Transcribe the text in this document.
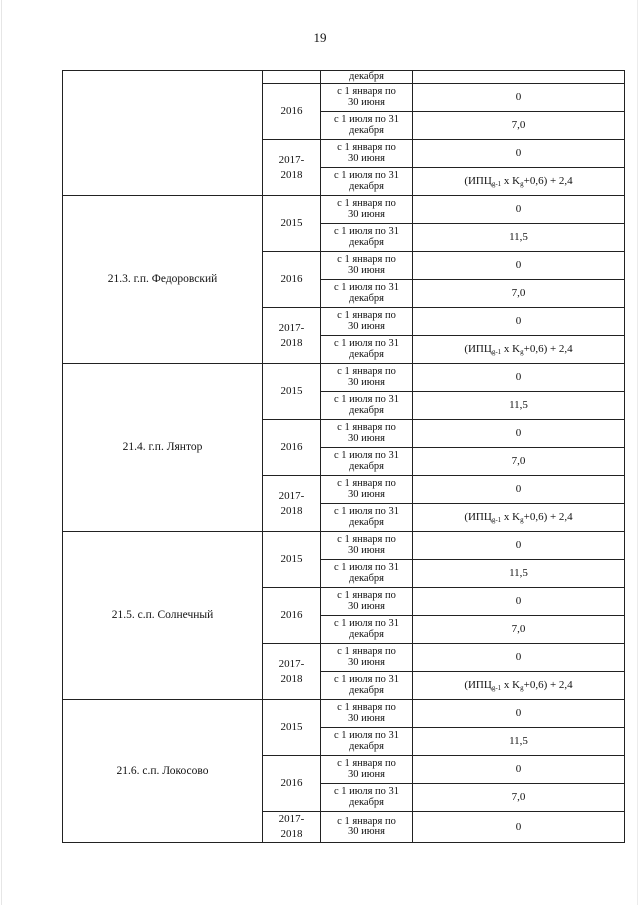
19
		декабря	
	2016	с 1 января по
30 июня	0
		с 1 июля по 31
декабря	7,0
	2017-
2018	с 1 января по
30 июня	0
		с 1 июля по 31
декабря	($ИПЦ_{g-1}$ x $K_g+0,6) + 2,4$
21.3. г.п. Федоровский	2015	с 1 января по
30 июня	0
		с 1 июля по 31
декабря	11,5
	2016	с 1 января по
30 июня	0
		с 1 июля по 31
декабря	7,0
	2017-
2018	с 1 января по
30 июня	0
		с 1 июля по 31
декабря	($ИПЦ_{g-1}$ x $K_g+0,6) + 2,4$
21.4. г.п. Лянтор	2015	с 1 января по
30 июня	0
		с 1 июля по 31
декабря	11,5
	2016	с 1 января по
30 июня	0
		с 1 июля по 31
декабря	7,0
	2017-
2018	с 1 января по
30 июня	0
		с 1 июля по 31
декабря	($ИПЦ_{g-1}$ x $K_g+0,6) + 2,4$
21.5. с.п. Солнечный	2015	с 1 января по
30 июня	0
		с 1 июля по 31
декабря	11,5
	2016	с 1 января по
30 июня	0
		с 1 июля по 31
декабря	7,0
	2017-
2018	с 1 января по
30 июня	0
		с 1 июля по 31
декабря	($ИПЦ_{g-1}$ x $K_g+0,6) + 2,4$
21.6. с.п. Локосово	2015	с 1 января по
30 июня	0
		с 1 июля по 31
декабря	11,5
	2016	с 1 января по
30 июня	0
		с 1 июля по 31
декабря	7,0
	2017-
2018	с 1 января по
30 июня	0
